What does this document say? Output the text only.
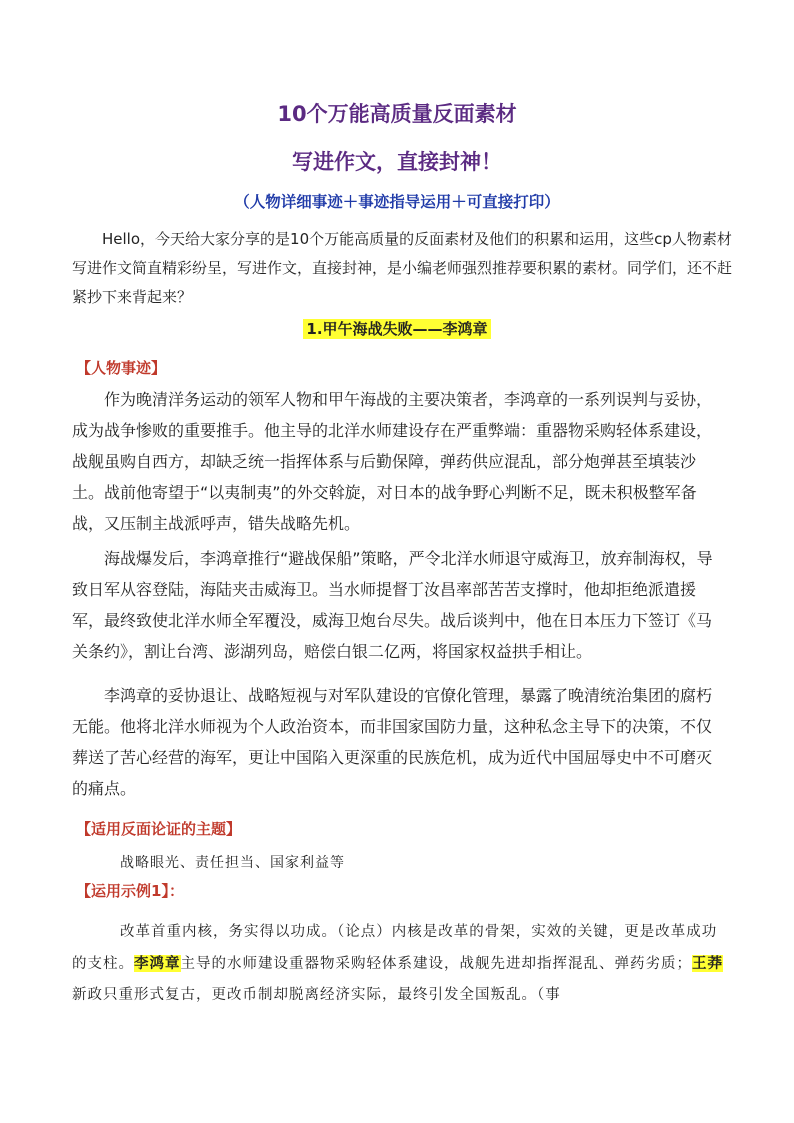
10个万能高质量反面素材
写进作文，直接封神！
（人物详细事迹＋事迹指导运用＋可直接打印）
Hello，今天给大家分享的是10个万能高质量的反面素材及他们的积累和运用，这些cp人物素材写进作文简直精彩纷呈，写进作文，直接封神，是小编老师强烈推荐要积累的素材。同学们，还不赶紧抄下来背起来？
1.甲午海战失败——李鸿章
【人物事迹】
作为晚清洋务运动的领军人物和甲午海战的主要决策者，李鸿章的一系列误判与妥协，成为战争惨败的重要推手。他主导的北洋水师建设存在严重弊端：重器物采购轻体系建设，战舰虽购自西方，却缺乏统一指挥体系与后勤保障，弹药供应混乱，部分炮弹甚至填装沙土。战前他寄望于“以夷制夷”的外交斡旋，对日本的战争野心判断不足，既未积极整军备战，又压制主战派呼声，错失战略先机。
海战爆发后，李鸿章推行“避战保船”策略，严令北洋水师退守威海卫，放弃制海权，导致日军从容登陆，海陆夹击威海卫。当水师提督丁汝昌率部苦苦支撑时，他却拒绝派遣援军，最终致使北洋水师全军覆没，威海卫炮台尽失。战后谈判中，他在日本压力下签订《马关条约》，割让台湾、澎湖列岛，赔偿白银二亿两，将国家权益拱手相让。
李鸿章的妥协退让、战略短视与对军队建设的官僚化管理，暴露了晚清统治集团的腐朽无能。他将北洋水师视为个人政治资本，而非国家国防力量，这种私念主导下的决策，不仅葬送了苦心经营的海军，更让中国陷入更深重的民族危机，成为近代中国屈辱史中不可磨灭的痛点。
【适用反面论证的主题】
战略眼光、责任担当、国家利益等
【运用示例1】：
改革首重内核，务实得以功成。（论点）内核是改革的骨架，实效的关键，更是改革成功的支柱。李鸿章主导的水师建设重器物采购轻体系建设，战舰先进却指挥混乱、弹药劣质；王莽新政只重形式复古，更改币制却脱离经济实际，最终引发全国叛乱。（事
